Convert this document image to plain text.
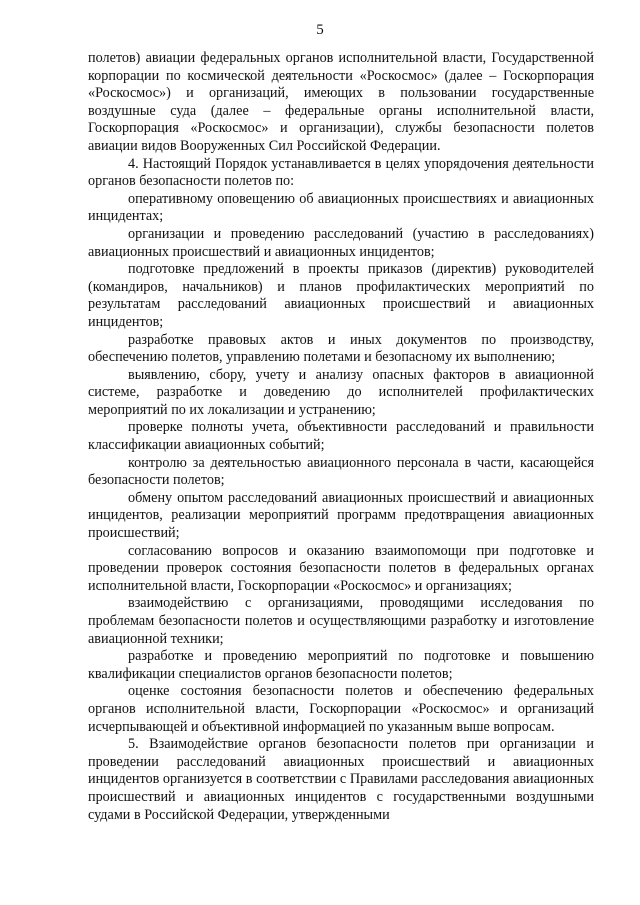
5

полетов) авиации федеральных органов исполнительной власти, Государственной корпорации по космической деятельности «Роскосмос» (далее – Госкорпорация «Роскосмос») и организаций, имеющих в пользовании государственные воздушные суда (далее – федеральные органы исполнительной власти, Госкорпорация «Роскосмос» и организации), службы безопасности полетов авиации видов Вооруженных Сил Российской Федерации.

4. Настоящий Порядок устанавливается в целях упорядочения деятельности органов безопасности полетов по:

оперативному оповещению об авиационных происшествиях и авиационных инцидентах;

организации и проведению расследований (участию в расследованиях) авиационных происшествий и авиационных инцидентов;

подготовке предложений в проекты приказов (директив) руководителей (командиров, начальников) и планов профилактических мероприятий по результатам расследований авиационных происшествий и авиационных инцидентов;

разработке правовых актов и иных документов по производству, обеспечению полетов, управлению полетами и безопасному их выполнению;

выявлению, сбору, учету и анализу опасных факторов в авиационной системе, разработке и доведению до исполнителей профилактических мероприятий по их локализации и устранению;

проверке полноты учета, объективности расследований и правильности классификации авиационных событий;

контролю за деятельностью авиационного персонала в части, касающейся безопасности полетов;

обмену опытом расследований авиационных происшествий и авиационных инцидентов, реализации мероприятий программ предотвращения авиационных происшествий;

согласованию вопросов и оказанию взаимопомощи при подготовке и проведении проверок состояния безопасности полетов в федеральных органах исполнительной власти, Госкорпорации «Роскосмос» и организациях;

взаимодействию с организациями, проводящими исследования по проблемам безопасности полетов и осуществляющими разработку и изготовление авиационной техники;

разработке и проведению мероприятий по подготовке и повышению квалификации специалистов органов безопасности полетов;

оценке состояния безопасности полетов и обеспечению федеральных органов исполнительной власти, Госкорпорации «Роскосмос» и организаций исчерпывающей и объективной информацией по указанным выше вопросам.

5. Взаимодействие органов безопасности полетов при организации и проведении расследований авиационных происшествий и авиационных инцидентов организуется в соответствии с Правилами расследования авиационных происшествий и авиационных инцидентов с государственными воздушными судами в Российской Федерации, утвержденными
